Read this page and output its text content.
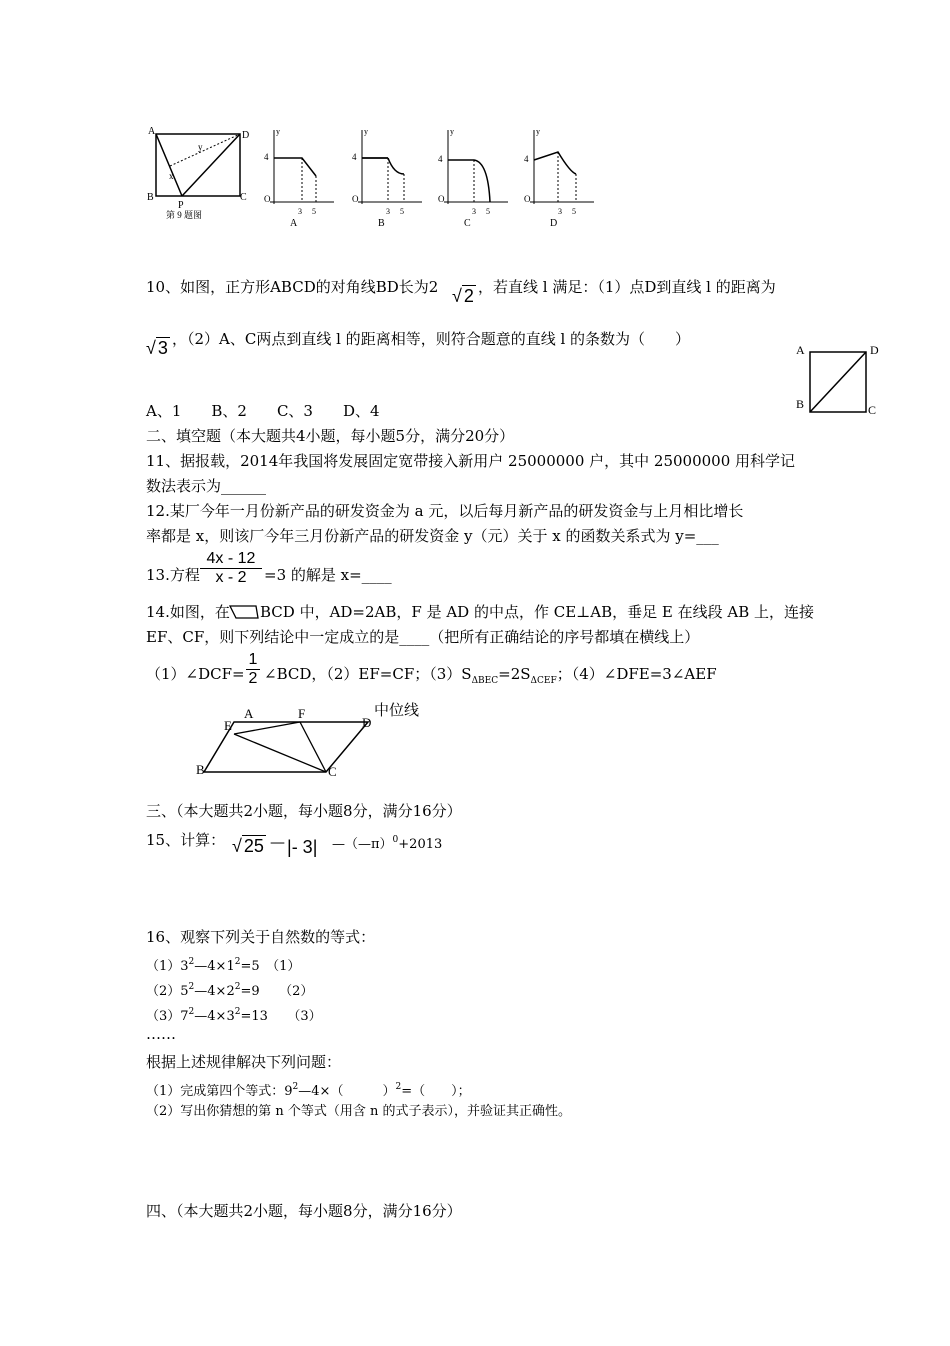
A	D
B
P
C
x
y
第 9 题图
4
O
y
3 5
A
4
O
y
3 5
B
4
O
y
3 5
C
4
O
y
3 5
D
10、如图，正方形ABCD的对角线BD长为2 √ 2 ，若直线 l 满足：（1）点D到直线 l 的距离为
√ 3 ，（2）A、C两点到直线 l 的距离相等，则符合题意的直线 l 的条数为（　　）
A、1　　B、2　　C、3　　D、4
A	D
B	C
二、填空题（本大题共4小题，每小题5分，满分20分）
11、据报载，2014年我国将发展固定宽带接入新用户 25000000 户，其中 25000000 用科学记
数法表示为______
12.某厂今年一月份新产品的研发资金为 a 元，以后每月新产品的研发资金与上月相比增长
率都是 x，则该厂今年三月份新产品的研发资金 y（元）关于 x 的函数关系式为 y=___
13.方程 $\frac{4x - 12}{x - 2} =3$ 的解是 x=____
14.如图，在 BCD 中，AD=2AB，F 是 AD 的中点，作 CE⊥AB，垂足 E 在线段 AB 上，连接
EF、CF，则下列结论中一定成立的是____（把所有正确结论的序号都填在横线上）
（1）∠DCF= $\frac{1}{2}$ ∠BCD，（2）EF=CF；$(3)S_{\Delta BEC}=2S_{\Delta CEF}$；（4）∠DFE=3∠AEF
A	F
D
E
B	C
中位线
三、（本大题共2小题，每小题8分，满分16分）
15、计算： √ 25 — |- 3| —（—π）$^0$+2013
16、观察下列关于自然数的等式：
$(1)3^2—4\times 1^2=5$　（1）
$(2)5^2—4\times 2^2=9$　　（2）
$(3)7^2—4\times 3^2=13$　　（3）
……
根据上述规律解决下列问题：
（1）完成第四个等式：$9^2—4\times$（　　　）$^2$=（　　）；
（2）写出你猜想的第 n 个等式（用含 n 的式子表示），并验证其正确性。
四、（本大题共2小题，每小题8分，满分16分）
